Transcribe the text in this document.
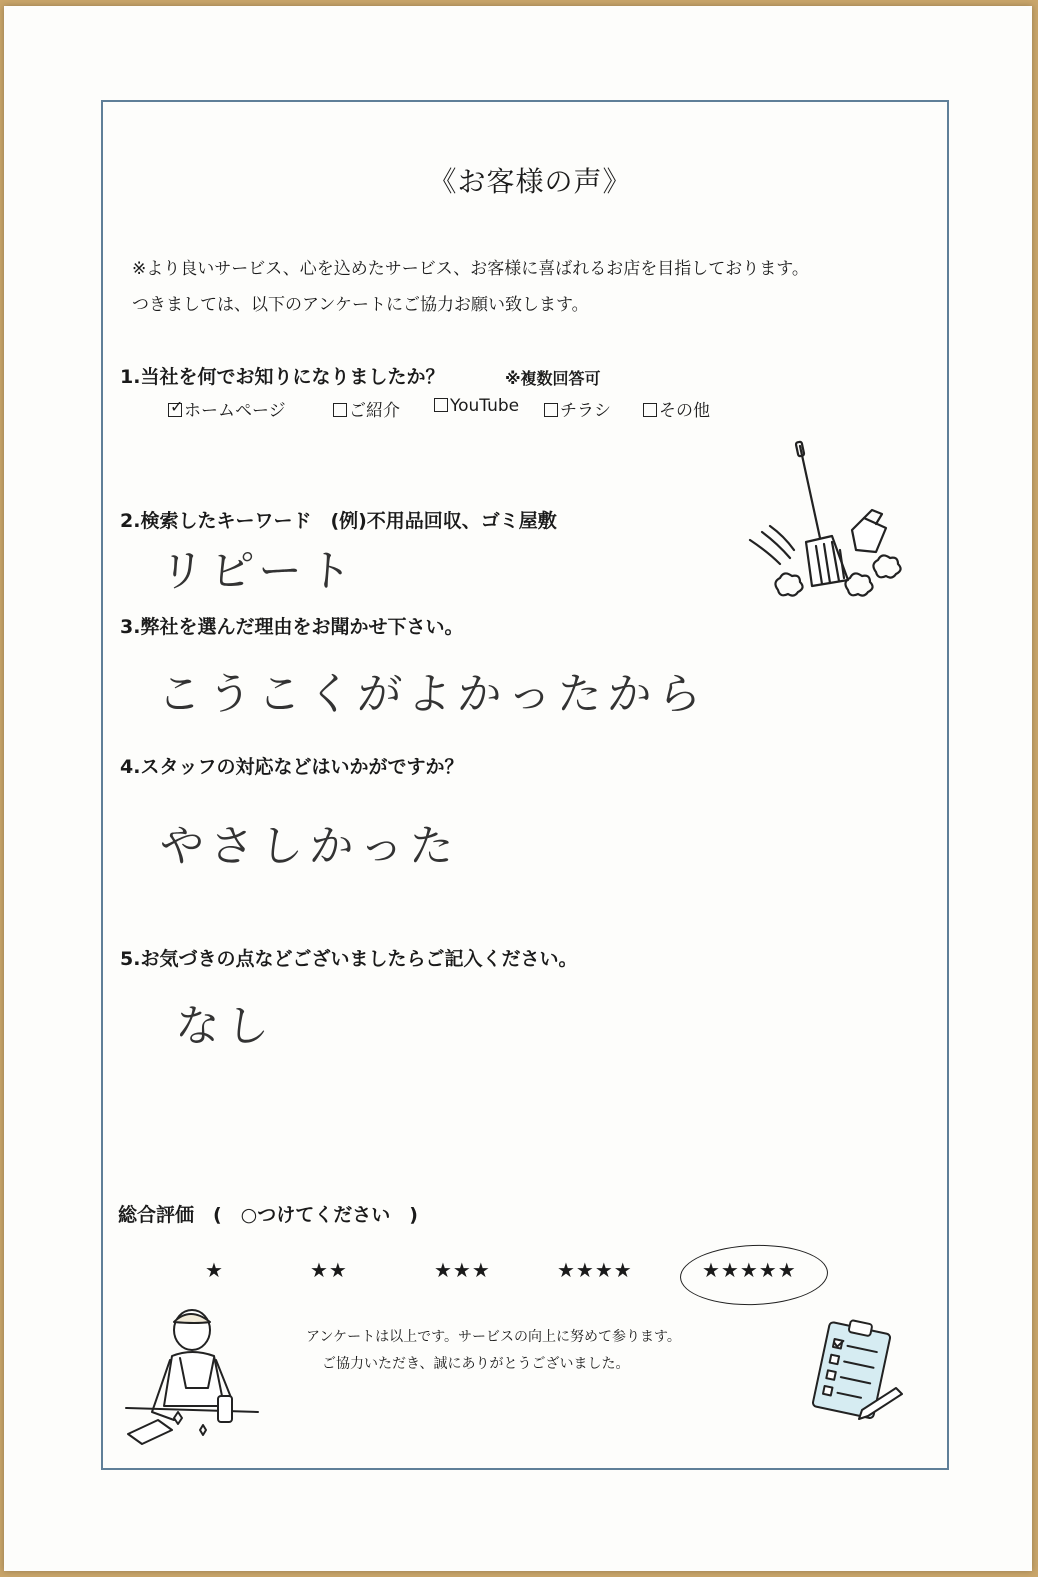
《お客様の声》
※より良いサービス、心を込めたサービス、お客様に喜ばれるお店を目指しております。
つきましては、以下のアンケートにご協力お願い致します。
1.当社を何でお知りになりましたか？	※複数回答可
✓ ホームページ	ご紹介	YouTube	チラシ	その他
2.検索したキーワード　(例)不用品回収、ゴミ屋敷
リピート
3.弊社を選んだ理由をお聞かせ下さい。
こうこくがよかったから
4.スタッフの対応などはいかがですか？
やさしかった
5.お気づきの点などございましたらご記入ください。
なし
総合評価　(　○つけてください　)
★	★★	★★★	★★★★	★★★★★
アンケートは以上です。サービスの向上に努めて参ります。
ご協力いただき、誠にありがとうございました。
